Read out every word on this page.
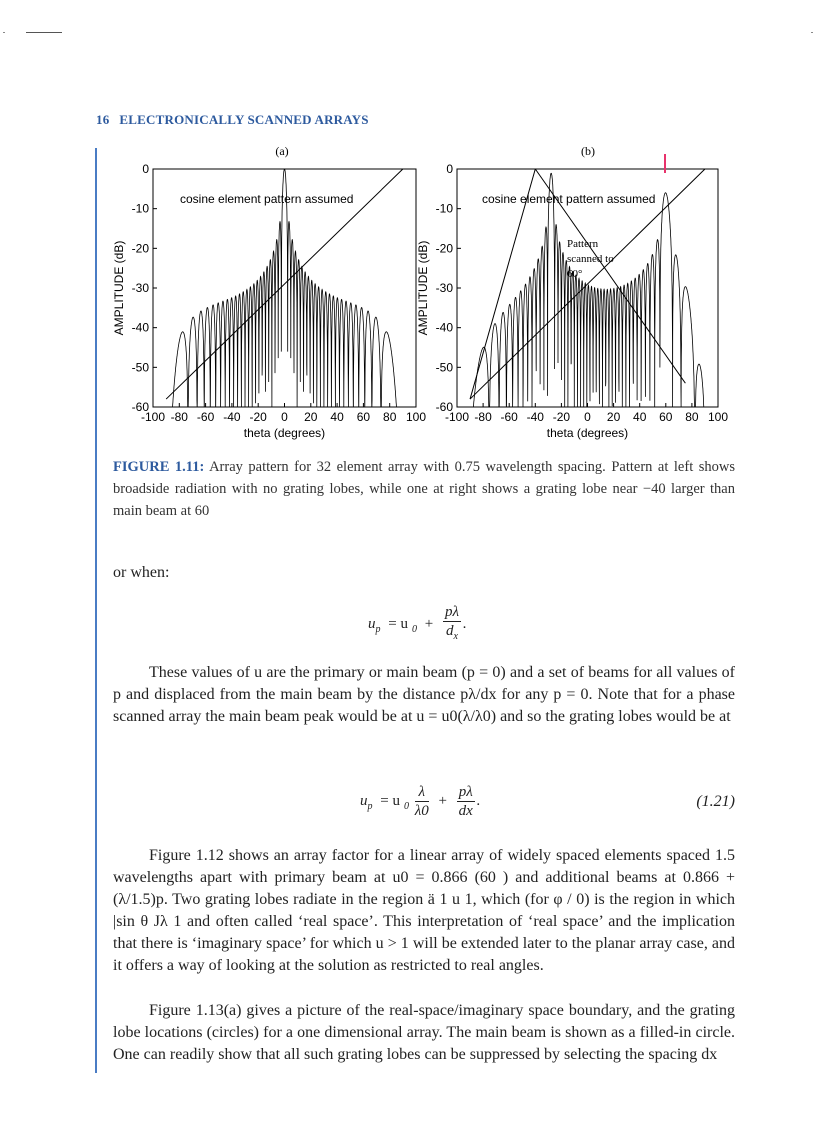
16 ELECTRONICALLY SCANNED ARRAYS
(a)	(b)
0
-10
-20
-30
-40
-50
-60
-100 -80 -60 -40 -20 0 20 40 60 80 100
theta (degrees)
AMPLITUDE (dB)
0
-10
-20
-30
-40
-50
-60
-100 -80 -60 -40 -20 0 20 40 60 80 100
theta (degrees)
AMPLITUDE (dB)
cosine element pattern assumed	cosine element pattern assumed
Pattern
scanned to
60°
FIGURE 1.11: Array pattern for 32 element array with 0.75 wavelength spacing. Pattern at left shows broadside radiation with no grating lobes, while one at right shows a grating lobe near −40 larger than main beam at 60
or when:
$u_p = u$ $_0 + \frac{p\lambda}{d_x}$ .
These values of u are the primary or main beam (p = 0) and a set of beams for all values of p and displaced from the main beam by the distance pλ/dx for any p = 0. Note that for a phase scanned array the main beam peak would be at u = u0(λ/λ0) and so the grating lobes would be at
$u_p = u$ $_0 \frac{\lambda}{\lambda 0} + \frac{p\lambda}{dx}$ .	(1.21)
Figure 1.12 shows an array factor for a linear array of widely spaced elements spaced 1.5 wavelengths apart with primary beam at u0 = 0.866 (60 ) and additional beams at 0.866 + (λ/1.5)p. Two grating lobes radiate in the region ä 1 u 1, which (for φ / 0) is the region in which |sin θ Jλ 1 and often called ‘real space’. This interpretation of ‘real space’ and the implication that there is ‘imaginary space’ for which u > 1 will be extended later to the planar array case, and it offers a way of looking at the solution as restricted to real angles.
Figure 1.13(a) gives a picture of the real-space/imaginary space boundary, and the grating lobe locations (circles) for a one dimensional array. The main beam is shown as a filled-in circle. One can readily show that all such grating lobes can be suppressed by selecting the spacing dx
